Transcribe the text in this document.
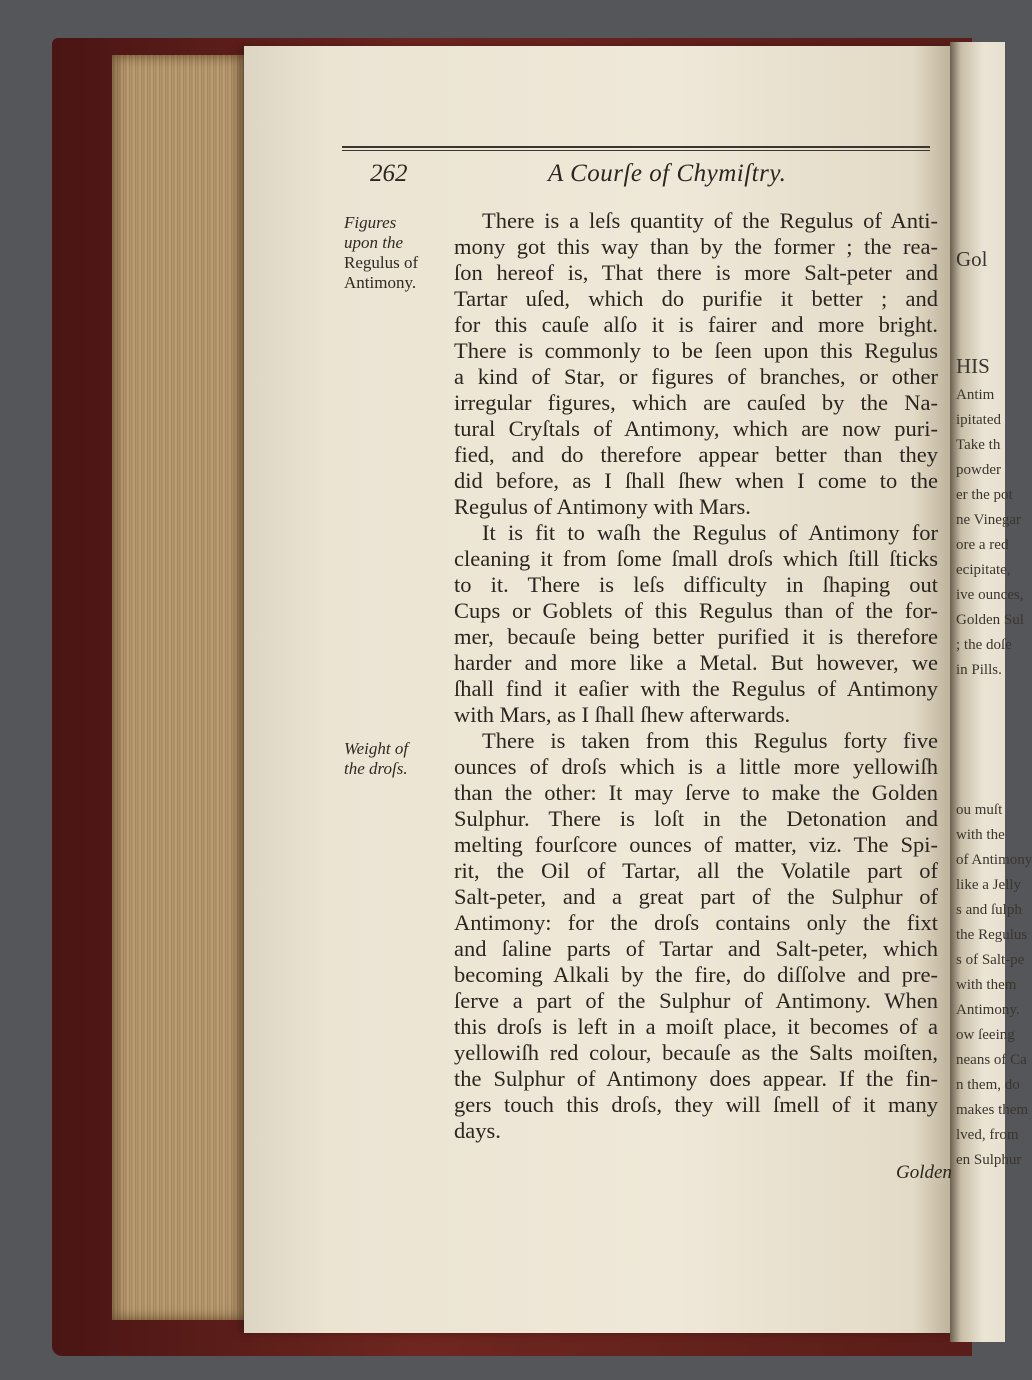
Gol
HIS
Antim
ipitated
Take th
powder
er the pot
ne Vinegar
ore a red
ecipitate,
ive ounces,
Golden Sul
; the doſe
in Pills.
ou muſt
with the
of Antimony
like a Jelly
s and ſulph
the Regulus
s of Salt-pe
with them
Antimony.
ow ſeeing
neans of Ca
n them, do
makes them
lved, from
en Sulphur
262	A Courſe of Chymiſtry.
Figures
upon the
Regulus of
Antimony.
Weight of
the droſs.
There is a leſs quantity of the Regulus of Anti-
mony got this way than by the former ; the rea-
ſon hereof is, That there is more Salt-peter and
Tartar uſed, which do purifie it better ; and
for this cauſe alſo it is fairer and more bright.
There is commonly to be ſeen upon this Regulus
a kind of Star, or figures of branches, or other
irregular figures, which are cauſed by the Na-
tural Cryſtals of Antimony, which are now puri-
fied, and do therefore appear better than they
did before, as I ſhall ſhew when I come to the
Regulus of Antimony with Mars.
It is fit to waſh the Regulus of Antimony for
cleaning it from ſome ſmall droſs which ſtill ſticks
to it. There is leſs difficulty in ſhaping out
Cups or Goblets of this Regulus than of the for-
mer, becauſe being better purified it is therefore
harder and more like a Metal. But however, we
ſhall find it eaſier with the Regulus of Antimony
with Mars, as I ſhall ſhew afterwards.
There is taken from this Regulus forty five
ounces of droſs which is a little more yellowiſh
than the other: It may ſerve to make the Golden
Sulphur. There is loſt in the Detonation and
melting fourſcore ounces of matter, viz. The Spi-
rit, the Oil of Tartar, all the Volatile part of
Salt-peter, and a great part of the Sulphur of
Antimony: for the droſs contains only the fixt
and ſaline parts of Tartar and Salt-peter, which
becoming Alkali by the fire, do diſſolve and pre-
ſerve a part of the Sulphur of Antimony. When
this droſs is left in a moiſt place, it becomes of a
yellowiſh red colour, becauſe as the Salts moiſten,
the Sulphur of Antimony does appear. If the fin-
gers touch this droſs, they will ſmell of it many
days.
Golden
